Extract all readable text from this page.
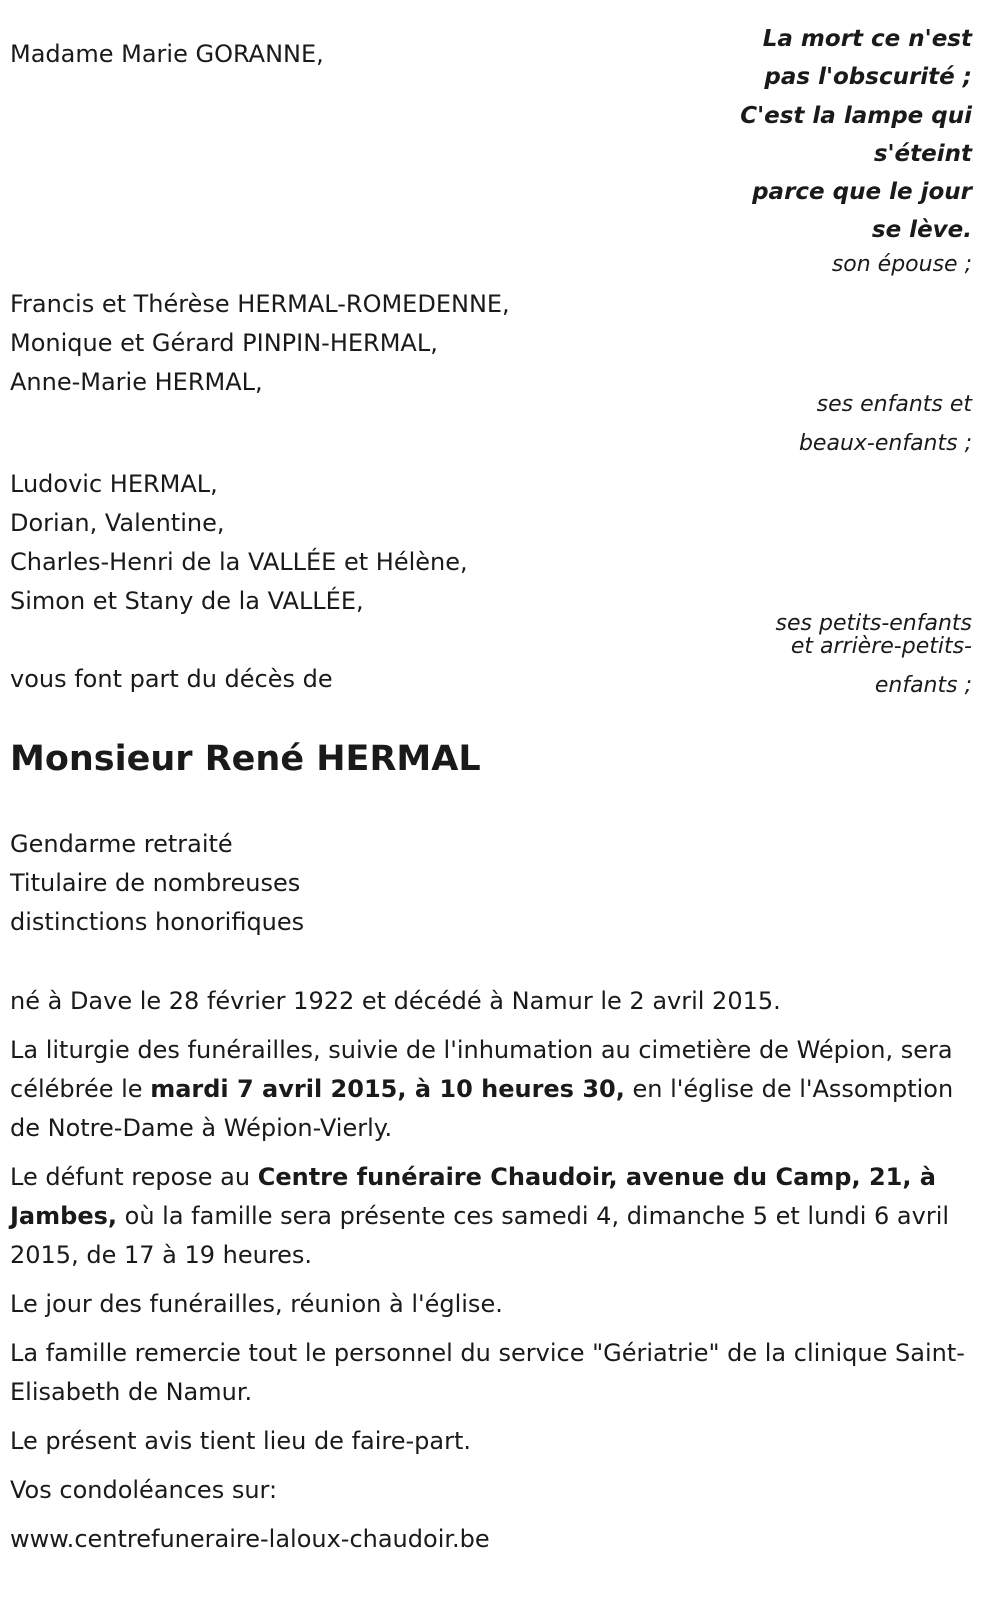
La mort ce n'est
pas l'obscurité ;
C'est la lampe qui
s'éteint
parce que le jour
se lève.
Madame Marie GORANNE,
son épouse ;
Francis et Thérèse HERMAL-ROMEDENNE,
Monique et Gérard PINPIN-HERMAL,
Anne-Marie HERMAL,
ses enfants et
beaux-enfants ;
Ludovic HERMAL,
Dorian, Valentine,
Charles-Henri de la VALLÉE et Hélène,
Simon et Stany de la VALLÉE,
ses petits-enfants
et arrière-petits-
enfants ;
vous font part du décès de
Monsieur René HERMAL
Gendarme retraité
Titulaire de nombreuses
distinctions honorifiques
né à Dave le 28 février 1922 et décédé à Namur le 2 avril 2015.
La liturgie des funérailles, suivie de l'inhumation au cimetière de Wépion, sera célébrée le mardi 7 avril 2015, à 10 heures 30, en l'église de l'Assomption de Notre-Dame à Wépion-Vierly.
Le défunt repose au Centre funéraire Chaudoir, avenue du Camp, 21, à Jambes, où la famille sera présente ces samedi 4, dimanche 5 et lundi 6 avril 2015, de 17 à 19 heures.
Le jour des funérailles, réunion à l'église.
La famille remercie tout le personnel du service "Gériatrie" de la clinique Saint-Elisabeth de Namur.
Le présent avis tient lieu de faire-part.
Vos condoléances sur:
www.centrefuneraire-laloux-chaudoir.be
